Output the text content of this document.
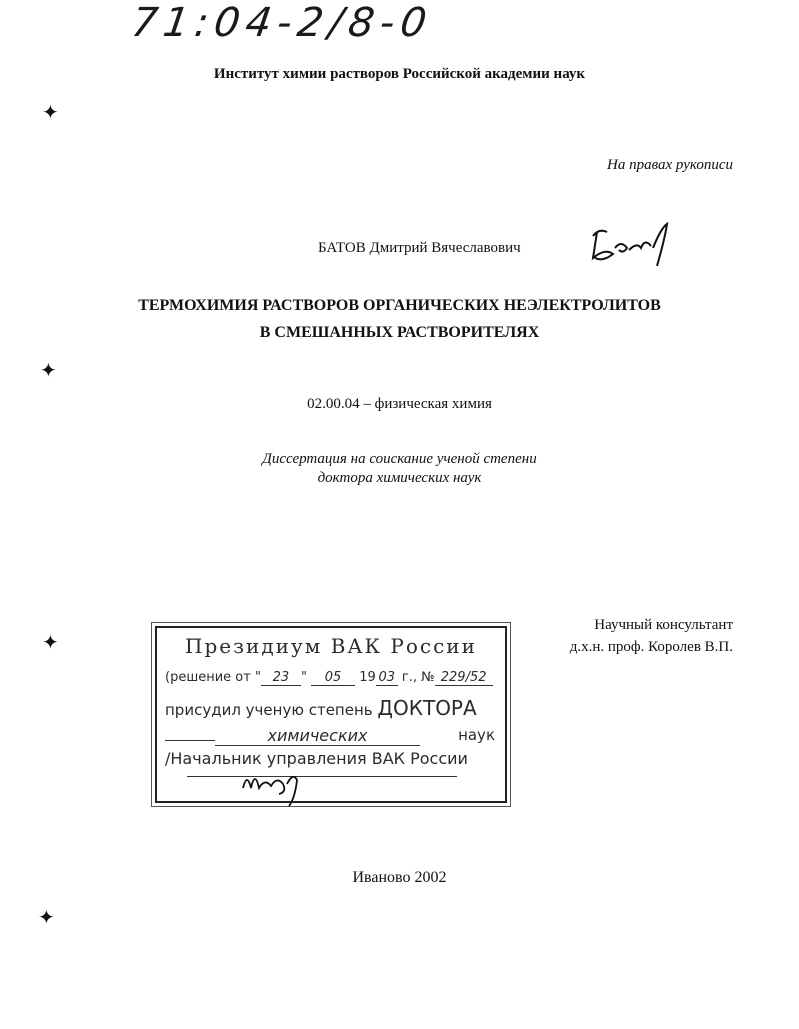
71:04-2/8-0
Институт химии растворов Российской академии наук
На правах рукописи
БАТОВ Дмитрий Вячеславович
ТЕРМОХИМИЯ РАСТВОРОВ ОРГАНИЧЕСКИХ НЕЭЛЕКТРОЛИТОВ
В СМЕШАННЫХ РАСТВОРИТЕЛЯХ
02.00.04 – физическая химия
Диссертация на соискание ученой степени
доктора химических наук
Научный консультант
д.х.н. проф. Королев В.П.
Президиум ВАК России
(решение от " 23 " 05 19 03 г., № 229/52
присудил ученую степень ДОКТОРА
химических	наук
/Начальник управления ВАК России
Иваново 2002
✦
✦
✦
✦
